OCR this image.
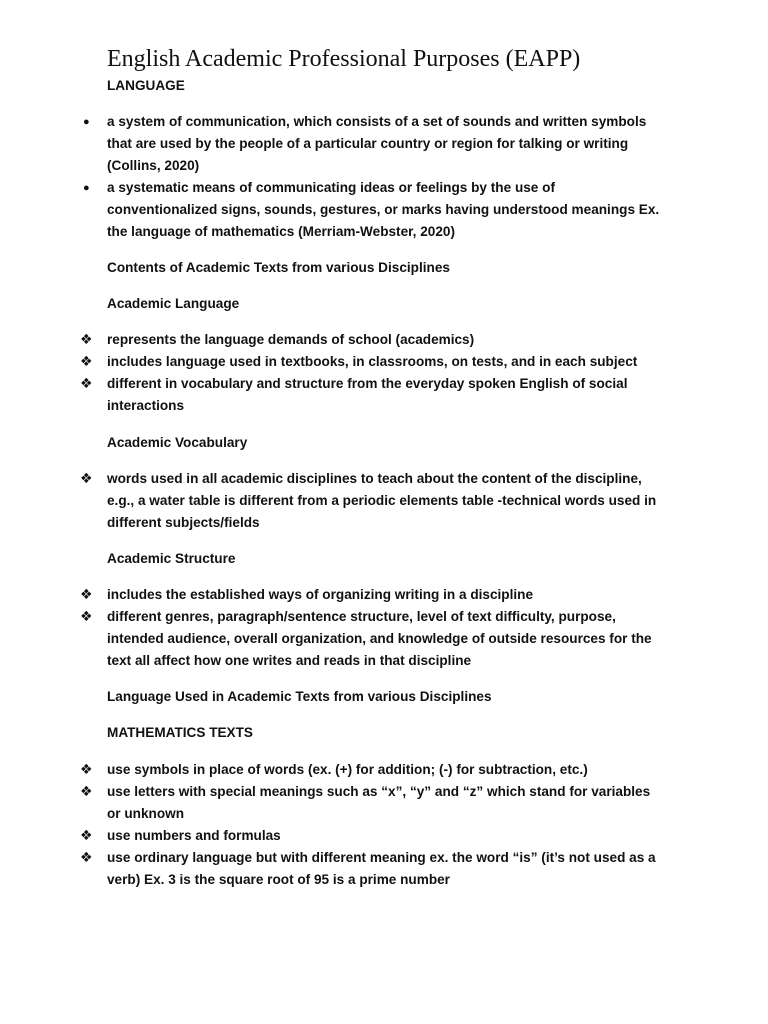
English Academic Professional Purposes (EAPP)
LANGUAGE
●	a system of communication, which consists of a set of sounds and written symbols that are used by the people of a particular country or region for talking or writing (Collins, 2020)
●	a systematic means of communicating ideas or feelings by the use of conventionalized signs, sounds, gestures, or marks having understood meanings Ex. the language of mathematics (Merriam-Webster, 2020)
Contents of Academic Texts from various Disciplines
Academic Language
❖	represents the language demands of school (academics)
❖	includes language used in textbooks, in classrooms, on tests, and in each subject
❖	different in vocabulary and structure from the everyday spoken English of social interactions
Academic Vocabulary
❖	words used in all academic disciplines to teach about the content of the discipline, e.g., a water table is different from a periodic elements table -technical words used in different subjects/fields
Academic Structure
❖	includes the established ways of organizing writing in a discipline
❖	different genres, paragraph/sentence structure, level of text difficulty, purpose, intended audience, overall organization, and knowledge of outside resources for the text all affect how one writes and reads in that discipline
Language Used in Academic Texts from various Disciplines
MATHEMATICS TEXTS
❖	use symbols in place of words (ex. (+) for addition; (-) for subtraction, etc.)
❖	use letters with special meanings such as “x”, “y” and “z” which stand for variables or unknown
❖	use numbers and formulas
❖	use ordinary language but with different meaning ex. the word “is” (it’s not used as a verb) Ex. 3 is the square root of 95 is a prime number
